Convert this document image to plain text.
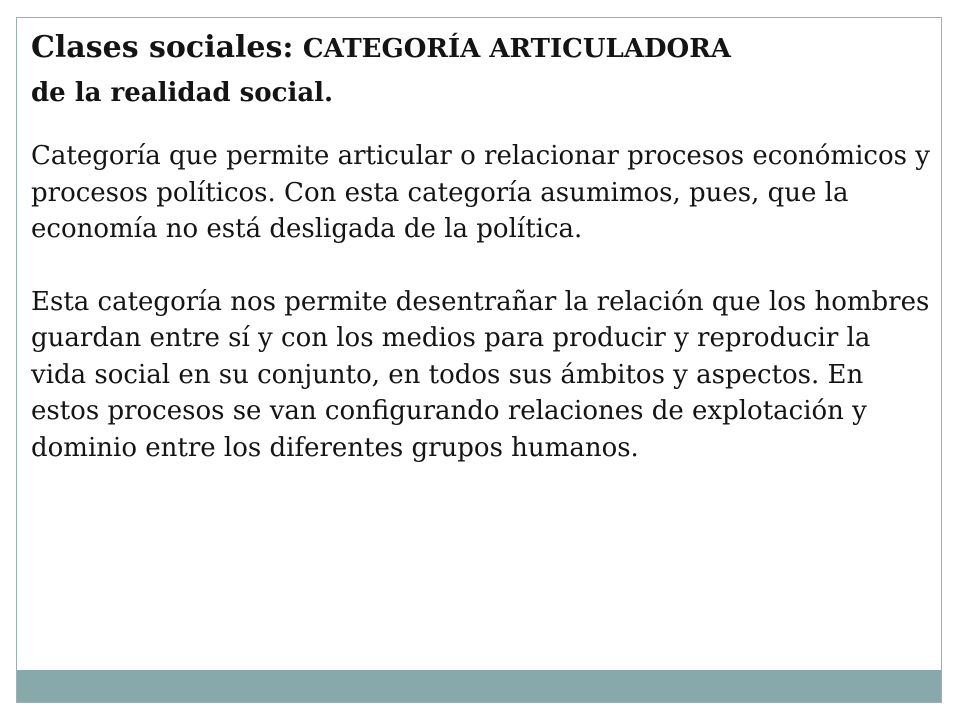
Clases sociales: CATEGORÍA ARTICULADORA
de la realidad social.

Categoría que permite articular o relacionar procesos económicos y procesos políticos. Con esta categoría asumimos, pues, que la economía no está desligada de la política.

Esta categoría nos permite desentrañar la relación que los hombres guardan entre sí y con los medios para producir y reproducir la vida social en su conjunto, en todos sus ámbitos y aspectos. En estos procesos se van configurando relaciones de explotación y dominio entre los diferentes grupos humanos.
